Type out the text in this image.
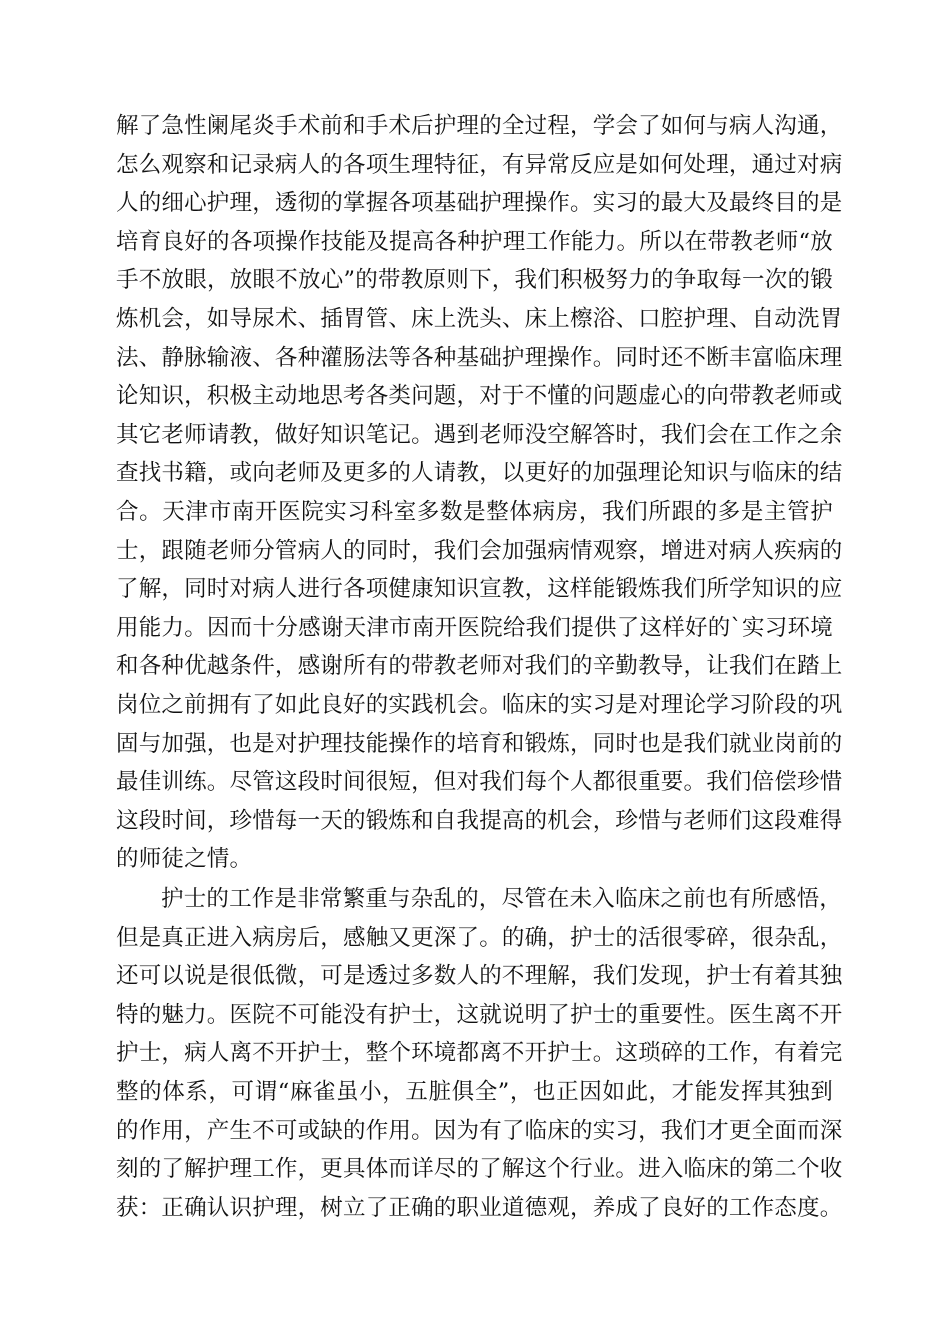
解了急性阑尾炎手术前和手术后护理的全过程，学会了如何与病人沟通，
怎么观察和记录病人的各项生理特征，有异常反应是如何处理，通过对病
人的细心护理，透彻的掌握各项基础护理操作。实习的最大及最终目的是
培育良好的各项操作技能及提高各种护理工作能力。所以在带教老师“放
手不放眼，放眼不放心”的带教原则下，我们积极努力的争取每一次的锻
炼机会，如导尿术、插胃管、床上洗头、床上檫浴、口腔护理、自动洗胃
法、静脉输液、各种灌肠法等各种基础护理操作。同时还不断丰富临床理
论知识，积极主动地思考各类问题，对于不懂的问题虚心的向带教老师或
其它老师请教，做好知识笔记。遇到老师没空解答时，我们会在工作之余
查找书籍，或向老师及更多的人请教，以更好的加强理论知识与临床的结
合。天津市南开医院实习科室多数是整体病房，我们所跟的多是主管护
士，跟随老师分管病人的同时，我们会加强病情观察，增进对病人疾病的
了解，同时对病人进行各项健康知识宣教，这样能锻炼我们所学知识的应
用能力。因而十分感谢天津市南开医院给我们提供了这样好的`实习环境
和各种优越条件，感谢所有的带教老师对我们的辛勤教导，让我们在踏上
岗位之前拥有了如此良好的实践机会。临床的实习是对理论学习阶段的巩
固与加强，也是对护理技能操作的培育和锻炼，同时也是我们就业岗前的
最佳训练。尽管这段时间很短，但对我们每个人都很重要。我们倍偿珍惜
这段时间，珍惜每一天的锻炼和自我提高的机会，珍惜与老师们这段难得
的师徒之情。
护士的工作是非常繁重与杂乱的，尽管在未入临床之前也有所感悟，
但是真正进入病房后，感触又更深了。的确，护士的活很零碎，很杂乱，
还可以说是很低微，可是透过多数人的不理解，我们发现，护士有着其独
特的魅力。医院不可能没有护士，这就说明了护士的重要性。医生离不开
护士，病人离不开护士，整个环境都离不开护士。这琐碎的工作，有着完
整的体系，可谓“麻雀虽小，五脏俱全”，也正因如此，才能发挥其独到
的作用，产生不可或缺的作用。因为有了临床的实习，我们才更全面而深
刻的了解护理工作，更具体而详尽的了解这个行业。进入临床的第二个收
获：正确认识护理，树立了正确的职业道德观，养成了良好的工作态度。
